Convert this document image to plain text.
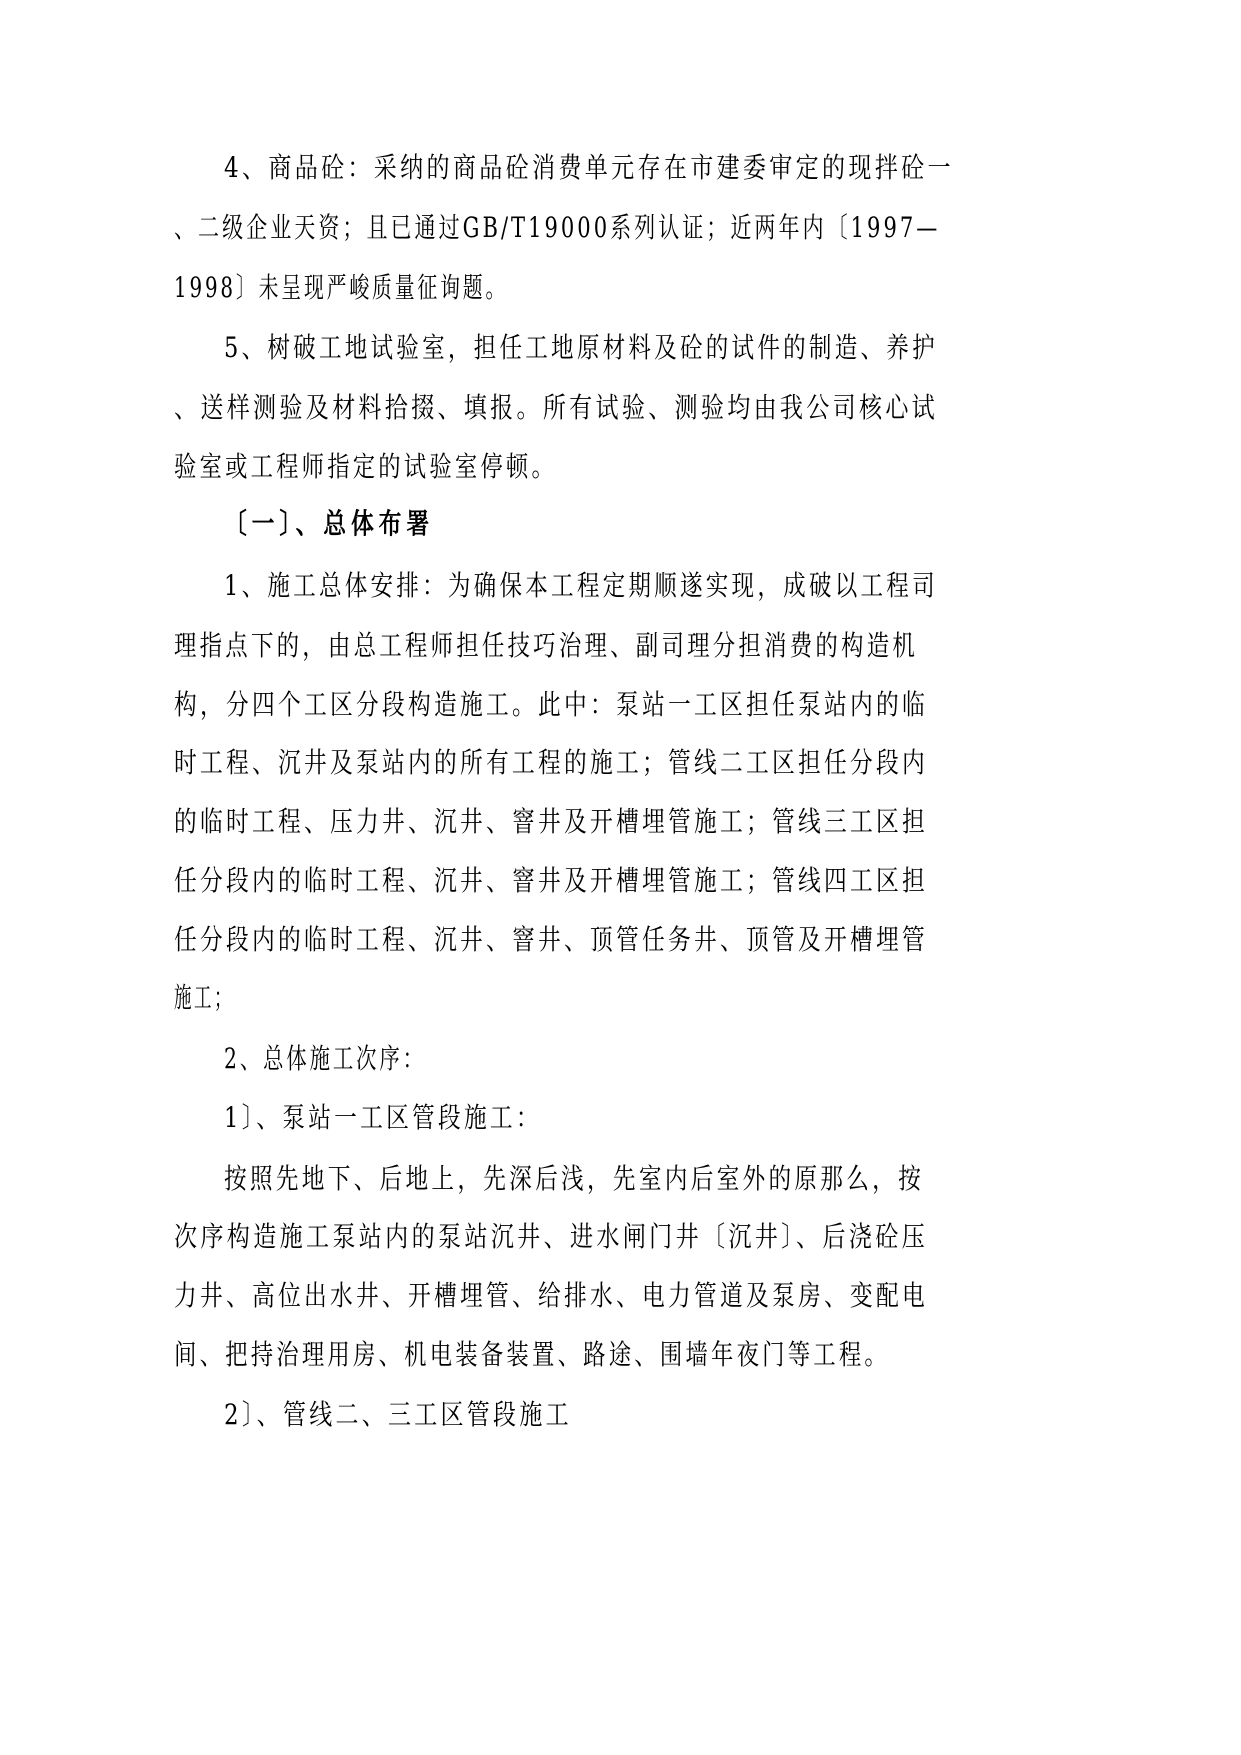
4、商品砼：采纳的商品砼消费单元存在市建委审定的现拌砼一
、二级企业天资；且已通过GB/T19000系列认证；近两年内〔1997—
1998〕未呈现严峻质量征询题。
5、树破工地试验室，担任工地原材料及砼的试件的制造、养护
、送样测验及材料拾掇、填报。所有试验、测验均由我公司核心试
验室或工程师指定的试验室停顿。
〔一〕、总体布署
1、施工总体安排：为确保本工程定期顺遂实现，成破以工程司
理指点下的，由总工程师担任技巧治理、副司理分担消费的构造机
构，分四个工区分段构造施工。此中：泵站一工区担任泵站内的临
时工程、沉井及泵站内的所有工程的施工；管线二工区担任分段内
的临时工程、压力井、沉井、窨井及开槽埋管施工；管线三工区担
任分段内的临时工程、沉井、窨井及开槽埋管施工；管线四工区担
任分段内的临时工程、沉井、窨井、顶管任务井、顶管及开槽埋管
施工；
2、总体施工次序：
1〕、泵站一工区管段施工：
按照先地下、后地上，先深后浅，先室内后室外的原那么，按
次序构造施工泵站内的泵站沉井、进水闸门井〔沉井〕、后浇砼压
力井、高位出水井、开槽埋管、给排水、电力管道及泵房、变配电
间、把持治理用房、机电装备装置、路途、围墙年夜门等工程。
2〕、管线二、三工区管段施工
